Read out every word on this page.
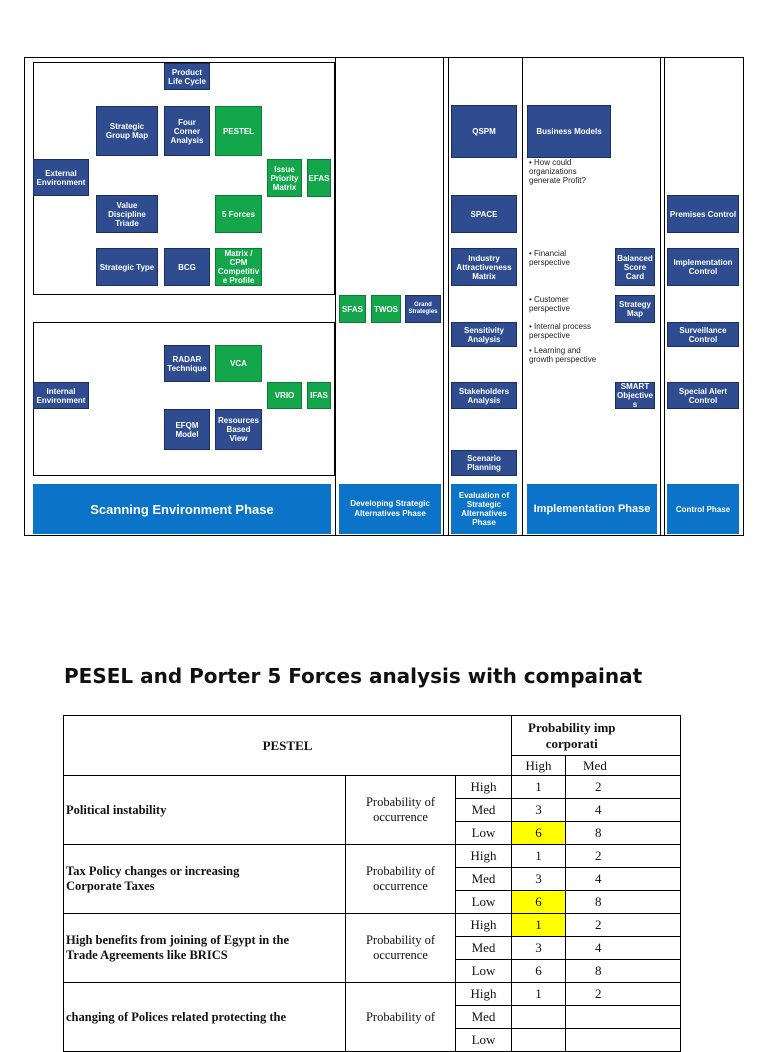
Product
Life Cycle
Strategic
Group Map
Four
Corner
Analysis
PESTEL
External
Environment
Issue
Priority
Matrix
EFAS
Value
Discipline
Triade
5 Forces
Strategic Type	BCG
Matrix /
CPM
Competitiv
e Profile
RADAR
Technique	VCA
Internal
Environment	VRIO	IFAS
EFQM
Model
Resources
Based
View
SFAS	TWOS	Grand
Strategies
QSPM
SPACE
Industry
Attractiveness
Matrix
Sensitivity
Analysis
Stakeholders
Analysis
Scenario
Planning
Business Models
• How could
organizations
generate Profit?
• Financial
perspective	Balanced
Score
Card
• Customer
perspective	Strategy
Map
• Internal process
perspective
• Learning and
growth perspective
SMART
Objective
s
Premises Control
Implementation
Control
Surveillance
Control
Special Alert
Control
Scanning Environment Phase	Developing Strategic
Alternatives Phase
Evaluation of
Strategic
Alternatives
Phase
Implementation Phase	Control Phase
PESEL and Porter 5 Forces analysis with compainat
PESTEL
Probability imp
corporati
High	Med
Political instability
Probability of
occurrence
High	1	2
Med	3	4
Low	6	8
Tax Policy changes or increasing
Corporate Taxes
Probability of
occurrence
High	1	2
Med	3	4
Low	6	8
High benefits from joining of Egypt in the
Trade Agreements like BRICS
Probability of
occurrence
High	1	2
Med	3	4
Low	6	8
changing of Polices related protecting the	Probability of
High	1	2
Med
Low
